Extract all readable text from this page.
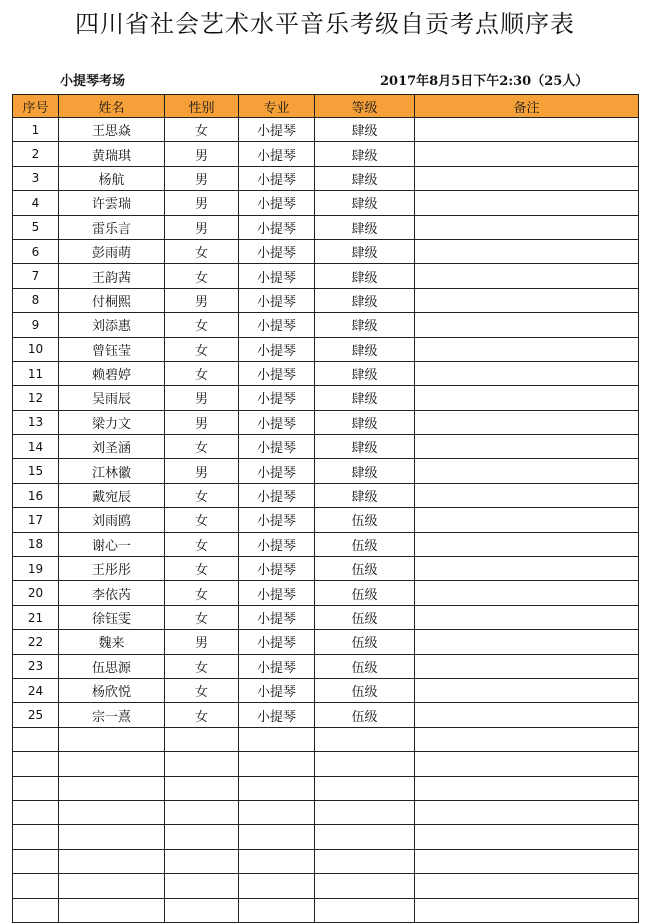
四川省社会艺术水平音乐考级自贡考点顺序表
小提琴考场	2017年8月5日下午2:30（25人）
序号	姓名	性别	专业	等级	备注
1	王思焱	女	小提琴	肆级	
2	黄瑞琪	男	小提琴	肆级	
3	杨航	男	小提琴	肆级	
4	许雲瑞	男	小提琴	肆级	
5	雷乐言	男	小提琴	肆级	
6	彭雨萌	女	小提琴	肆级	
7	王韵茜	女	小提琴	肆级	
8	付桐熙	男	小提琴	肆级	
9	刘添惠	女	小提琴	肆级	
10	曾钰莹	女	小提琴	肆级	
11	赖碧婷	女	小提琴	肆级	
12	吴雨辰	男	小提琴	肆级	
13	梁力文	男	小提琴	肆级	
14	刘圣涵	女	小提琴	肆级	
15	江林徽	男	小提琴	肆级	
16	戴宛辰	女	小提琴	肆级	
17	刘雨鸥	女	小提琴	伍级	
18	谢心一	女	小提琴	伍级	
19	王彤彤	女	小提琴	伍级	
20	李依芮	女	小提琴	伍级	
21	徐钰雯	女	小提琴	伍级	
22	魏来	男	小提琴	伍级	
23	伍思源	女	小提琴	伍级	
24	杨欣悦	女	小提琴	伍级	
25	宗一熹	女	小提琴	伍级	
